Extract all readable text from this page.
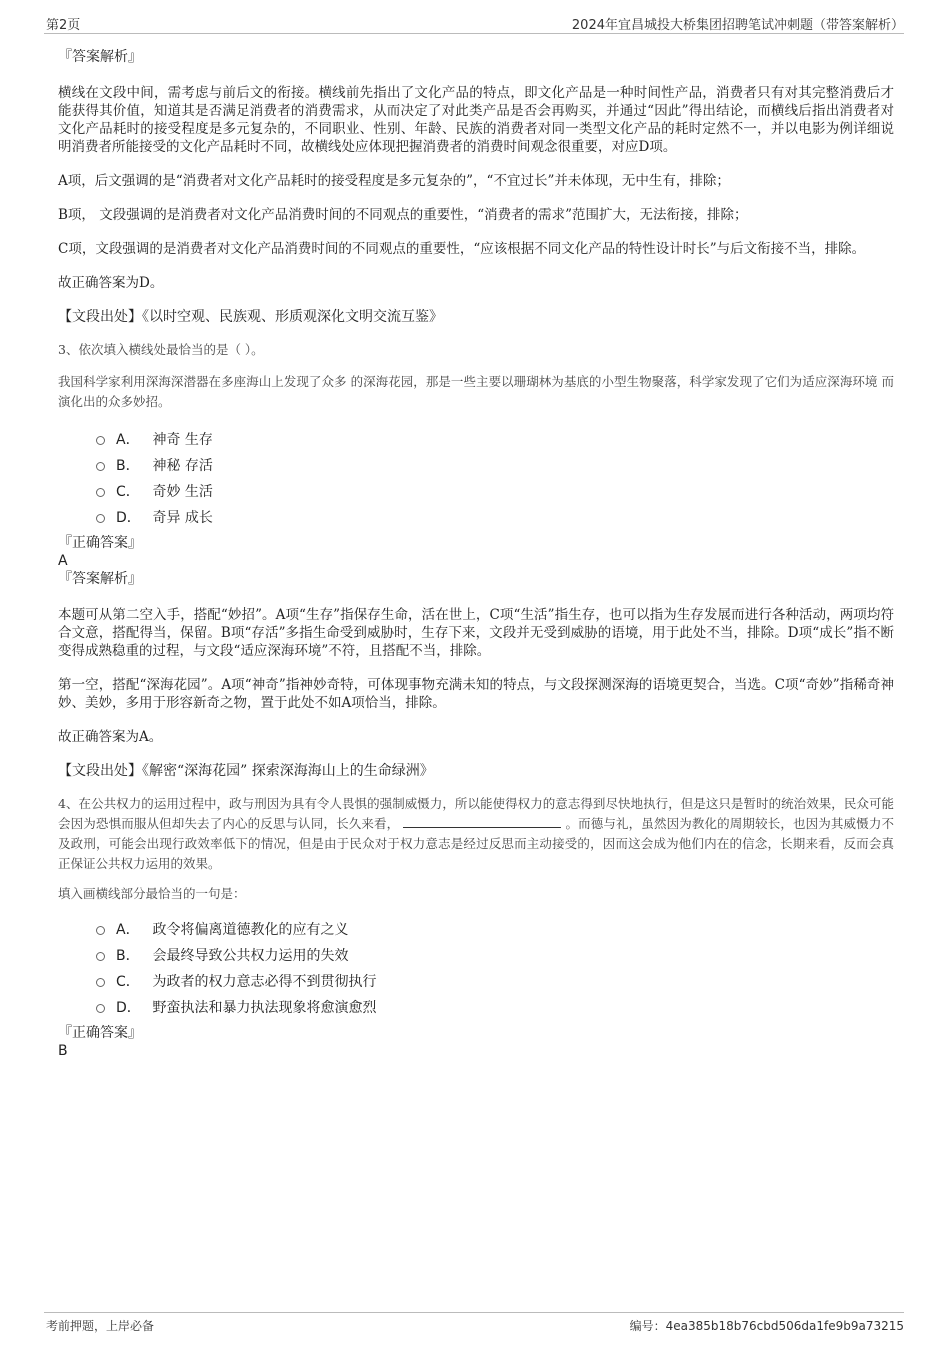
第2页	2024年宜昌城投大桥集团招聘笔试冲刺题（带答案解析）

『答案解析』

横线在文段中间，需考虑与前后文的衔接。横线前先指出了文化产品的特点，即文化产品是一种时间性产品，消费者只有对其完整消费后才能获得其价值，知道其是否满足消费者的消费需求，从而决定了对此类产品是否会再购买，并通过“因此”得出结论，而横线后指出消费者对文化产品耗时的接受程度是多元复杂的，不同职业、性别、年龄、民族的消费者对同一类型文化产品的耗时定然不一，并以电影为例详细说明消费者所能接受的文化产品耗时不同，故横线处应体现把握消费者的消费时间观念很重要，对应D项。

A项，后文强调的是“消费者对文化产品耗时的接受程度是多元复杂的”，“不宜过长”并未体现，无中生有，排除；

B项， 文段强调的是消费者对文化产品消费时间的不同观点的重要性，“消费者的需求”范围扩大，无法衔接，排除；

C项，文段强调的是消费者对文化产品消费时间的不同观点的重要性，“应该根据不同文化产品的特性设计时长”与后文衔接不当，排除。

故正确答案为D。

【文段出处】《以时空观、民族观、形质观深化文明交流互鉴》

3、依次填入横线处最恰当的是（ ）。

我国科学家利用深海深潜器在多座海山上发现了众多 的深海花园，那是一些主要以珊瑚林为基底的小型生物聚落，科学家发现了它们为适应深海环境 而演化出的众多妙招。

A． 神奇 生存
B． 神秘 存活
C． 奇妙 生活
D． 奇异 成长

『正确答案』

A

『答案解析』

本题可从第二空入手，搭配“妙招”。A项“生存”指保存生命，活在世上，C项“生活”指生存，也可以指为生存发展而进行各种活动，两项均符合文意，搭配得当，保留。B项“存活”多指生命受到威胁时，生存下来，文段并无受到威胁的语境，用于此处不当，排除。D项“成长”指不断变得成熟稳重的过程，与文段“适应深海环境”不符，且搭配不当，排除。

第一空，搭配“深海花园”。A项“神奇”指神妙奇特，可体现事物充满未知的特点，与文段探测深海的语境更契合，当选。C项“奇妙”指稀奇神妙、美妙，多用于形容新奇之物，置于此处不如A项恰当，排除。

故正确答案为A。

【文段出处】《解密“深海花园” 探索深海海山上的生命绿洲》

4、在公共权力的运用过程中，政与刑因为具有令人畏惧的强制威慑力，所以能使得权力的意志得到尽快地执行，但是这只是暂时的统治效果，民众可能会因为恐惧而服从但却失去了内心的反思与认同，长久来看，	。而德与礼，虽然因为教化的周期较长，也因为其威慑力不及政刑，可能会出现行政效率低下的情况，但是由于民众对于权力意志是经过反思而主动接受的，因而这会成为他们内在的信念，长期来看，反而会真正保证公共权力运用的效果。

填入画横线部分最恰当的一句是：

A． 政令将偏离道德教化的应有之义
B． 会最终导致公共权力运用的失效
C． 为政者的权力意志必得不到贯彻执行
D． 野蛮执法和暴力执法现象将愈演愈烈

『正确答案』

B

考前押题，上岸必备	编号：4ea385b18b76cbd506da1fe9b9a73215
